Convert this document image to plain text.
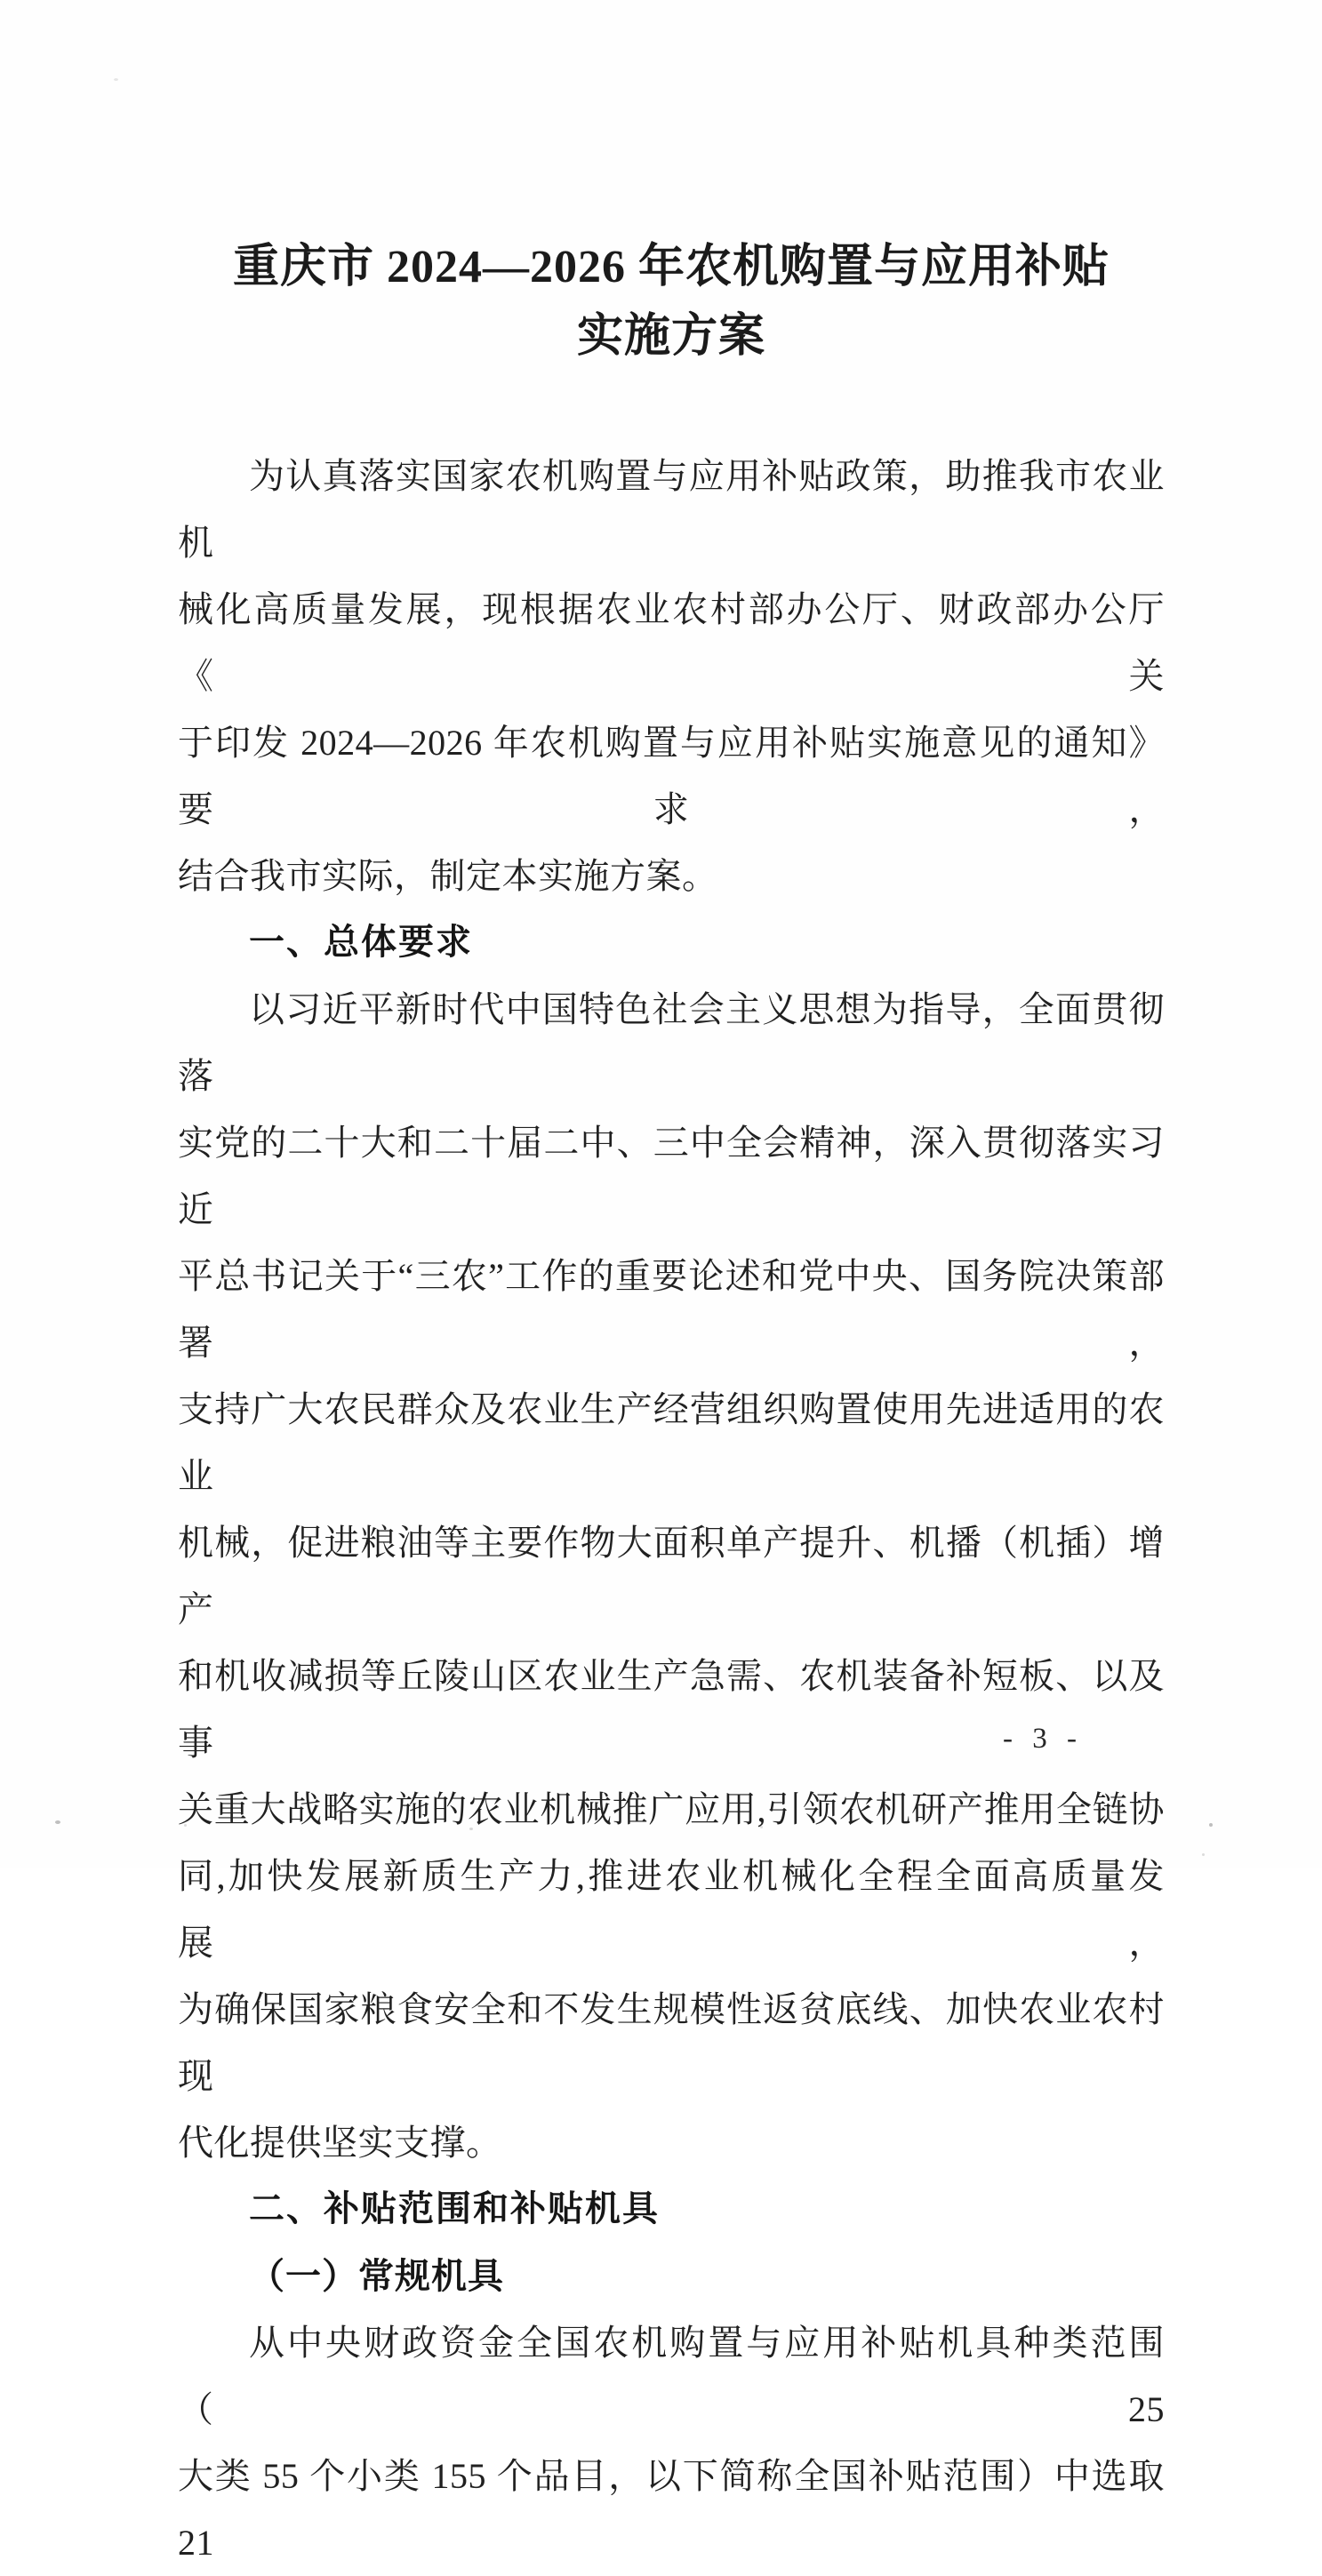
重庆市 2024—2026 年农机购置与应用补贴
实施方案
为认真落实国家农机购置与应用补贴政策，助推我市农业机
械化高质量发展，现根据农业农村部办公厅、财政部办公厅《关
于印发 2024—2026 年农机购置与应用补贴实施意见的通知》要求，
结合我市实际，制定本实施方案。
一、总体要求
以习近平新时代中国特色社会主义思想为指导，全面贯彻落
实党的二十大和二十届二中、三中全会精神，深入贯彻落实习近
平总书记关于“三农”工作的重要论述和党中央、国务院决策部署，
支持广大农民群众及农业生产经营组织购置使用先进适用的农业
机械，促进粮油等主要作物大面积单产提升、机播（机插）增产
和机收减损等丘陵山区农业生产急需、农机装备补短板、以及事
关重大战略实施的农业机械推广应用,引领农机研产推用全链协
同,加快发展新质生产力,推进农业机械化全程全面高质量发展，
为确保国家粮食安全和不发生规模性返贫底线、加快农业农村现
代化提供坚实支撑。
二、补贴范围和补贴机具
（一）常规机具
从中央财政资金全国农机购置与应用补贴机具种类范围（25
大类 55 个小类 155 个品目，以下简称全国补贴范围）中选取 21
- 3 -
